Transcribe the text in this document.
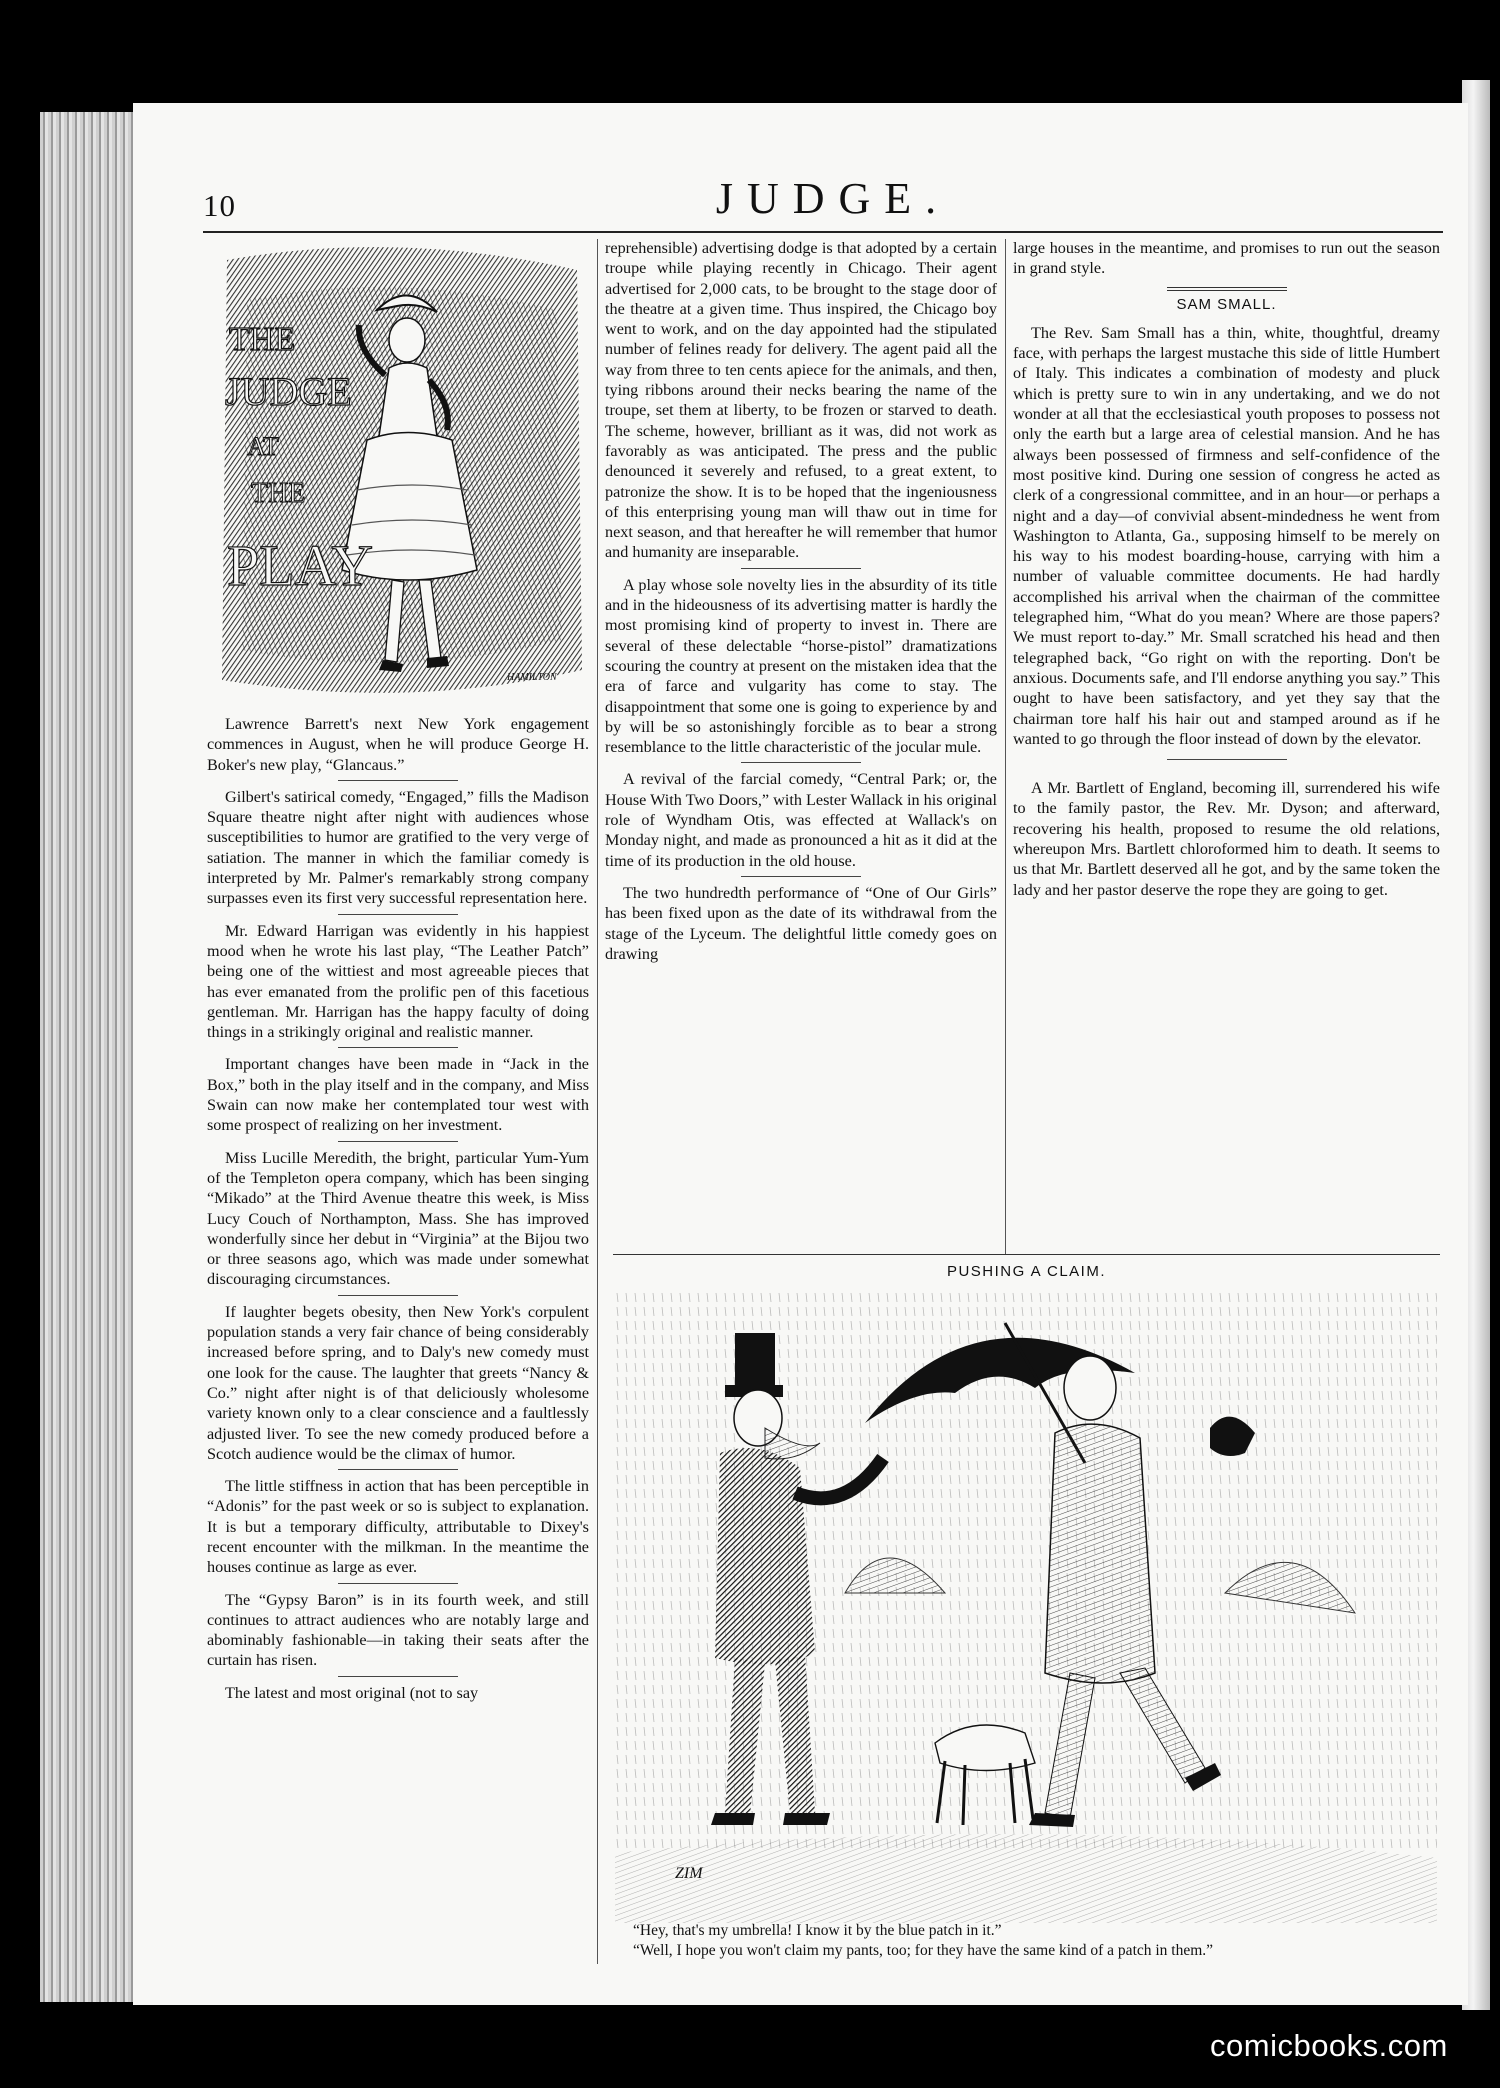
10	JUDGE.
THE
JUDGE
AT
THE
PLAY
HAMILTON

Lawrence Barrett's next New York engagement commences in August, when he will produce George H. Boker's new play, “Glancaus.”

Gilbert's satirical comedy, “Engaged,” fills the Madison Square theatre night after night with audiences whose susceptibilities to humor are gratified to the very verge of satiation. The manner in which the familiar comedy is interpreted by Mr. Palmer's remarkably strong company surpasses even its first very successful representation here.

Mr. Edward Harrigan was evidently in his happiest mood when he wrote his last play, “The Leather Patch” being one of the wittiest and most agreeable pieces that has ever emanated from the prolific pen of this facetious gentleman. Mr. Harrigan has the happy faculty of doing things in a strikingly original and realistic manner.

Important changes have been made in “Jack in the Box,” both in the play itself and in the company, and Miss Swain can now make her contemplated tour west with some prospect of realizing on her investment.

Miss Lucille Meredith, the bright, particular Yum-Yum of the Templeton opera company, which has been singing “Mikado” at the Third Avenue theatre this week, is Miss Lucy Couch of Northampton, Mass. She has improved wonderfully since her debut in “Virginia” at the Bijou two or three seasons ago, which was made under somewhat discouraging circumstances.

If laughter begets obesity, then New York's corpulent population stands a very fair chance of being considerably increased before spring, and to Daly's new comedy must one look for the cause. The laughter that greets “Nancy & Co.” night after night is of that deliciously wholesome variety known only to a clear conscience and a faultlessly adjusted liver. To see the new comedy produced before a Scotch audience would be the climax of humor.

The little stiffness in action that has been perceptible in “Adonis” for the past week or so is subject to explanation. It is but a temporary difficulty, attributable to Dixey's recent encounter with the milkman. In the meantime the houses continue as large as ever.

The “Gypsy Baron” is in its fourth week, and still continues to attract audiences who are notably large and abominably fashionable—in taking their seats after the curtain has risen.

The latest and most original (not to say

reprehensible) advertising dodge is that adopted by a certain troupe while playing recently in Chicago. Their agent advertised for 2,000 cats, to be brought to the stage door of the theatre at a given time. Thus inspired, the Chicago boy went to work, and on the day appointed had the stipulated number of felines ready for delivery. The agent paid all the way from three to ten cents apiece for the animals, and then, tying ribbons around their necks bearing the name of the troupe, set them at liberty, to be frozen or starved to death. The scheme, however, brilliant as it was, did not work as favorably as was anticipated. The press and the public denounced it severely and refused, to a great extent, to patronize the show. It is to be hoped that the ingeniousness of this enterprising young man will thaw out in time for next season, and that hereafter he will remember that humor and humanity are inseparable.

A play whose sole novelty lies in the absurdity of its title and in the hideousness of its advertising matter is hardly the most promising kind of property to invest in. There are several of these delectable “horse-pistol” dramatizations scouring the country at present on the mistaken idea that the era of farce and vulgarity has come to stay. The disappointment that some one is going to experience by and by will be so astonishingly forcible as to bear a strong resemblance to the little characteristic of the jocular mule.

A revival of the farcial comedy, “Central Park; or, the House With Two Doors,” with Lester Wallack in his original role of Wyndham Otis, was effected at Wallack's on Monday night, and made as pronounced a hit as it did at the time of its production in the old house.

The two hundredth performance of “One of Our Girls” has been fixed upon as the date of its withdrawal from the stage of the Lyceum. The delightful little comedy goes on drawing

large houses in the meantime, and promises to run out the season in grand style.

SAM SMALL.

The Rev. Sam Small has a thin, white, thoughtful, dreamy face, with perhaps the largest mustache this side of little Humbert of Italy. This indicates a combination of modesty and pluck which is pretty sure to win in any undertaking, and we do not wonder at all that the ecclesiastical youth proposes to possess not only the earth but a large area of celestial mansion. And he has always been possessed of firmness and self-confidence of the most positive kind. During one session of congress he acted as clerk of a congressional committee, and in an hour—or perhaps a night and a day—of convivial absent-mindedness he went from Washington to Atlanta, Ga., supposing himself to be merely on his way to his modest boarding-house, carrying with him a number of valuable committee documents. He had hardly accomplished his arrival when the chairman of the committee telegraphed him, “What do you mean? Where are those papers? We must report to-day.” Mr. Small scratched his head and then telegraphed back, “Go right on with the reporting. Don't be anxious. Documents safe, and I'll endorse anything you say.” This ought to have been satisfactory, and yet they say that the chairman tore half his hair out and stamped around as if he wanted to go through the floor instead of down by the elevator.

A Mr. Bartlett of England, becoming ill, surrendered his wife to the family pastor, the Rev. Mr. Dyson; and afterward, recovering his health, proposed to resume the old relations, whereupon Mrs. Bartlett chloroformed him to death. It seems to us that Mr. Bartlett deserved all he got, and by the same token the lady and her pastor deserve the rope they are going to get.

PUSHING A CLAIM.
ZIM
“Hey, that's my umbrella! I know it by the blue patch in it.”
“Well, I hope you won't claim my pants, too; for they have the same kind of a patch in them.”
comicbooks.com
